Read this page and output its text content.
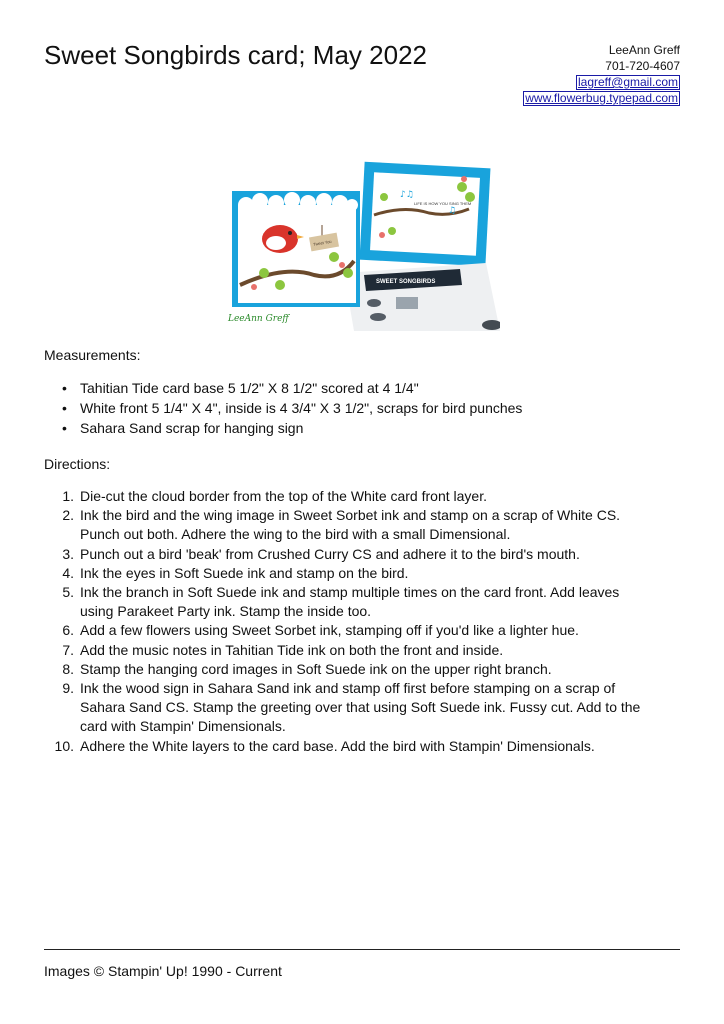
Sweet Songbirds card; May 2022	LeeAnn Greff
701-720-4607
lagreff@gmail.com
www.flowerbug.typepad.com
LIFE IS HOW YOU SING THEM
♪♫
♫
SWEET SONGBIRDS
Tweet You
LeeAnn Greff
Measurements:
• Tahitian Tide card base 5 1/2" X 8 1/2" scored at 4 1/4"
• White front 5 1/4" X 4", inside is 4 3/4" X 3 1/2", scraps for bird punches
• Sahara Sand scrap for hanging sign
Directions:
1. Die-cut the cloud border from the top of the White card front layer.
2. Ink the bird and the wing image in Sweet Sorbet ink and stamp on a scrap of White CS.
Punch out both. Adhere the wing to the bird with a small Dimensional.
3. Punch out a bird 'beak' from Crushed Curry CS and adhere it to the bird's mouth.
4. Ink the eyes in Soft Suede ink and stamp on the bird.
5. Ink the branch in Soft Suede ink and stamp multiple times on the card front. Add leaves
using Parakeet Party ink. Stamp the inside too.
6. Add a few flowers using Sweet Sorbet ink, stamping off if you'd like a lighter hue.
7. Add the music notes in Tahitian Tide ink on both the front and inside.
8. Stamp the hanging cord images in Soft Suede ink on the upper right branch.
9. Ink the wood sign in Sahara Sand ink and stamp off first before stamping on a scrap of
Sahara Sand CS. Stamp the greeting over that using Soft Suede ink. Fussy cut. Add to the
card with Stampin' Dimensionals.
10. Adhere the White layers to the card base. Add the bird with Stampin' Dimensionals.
Images © Stampin' Up! 1990 - Current
